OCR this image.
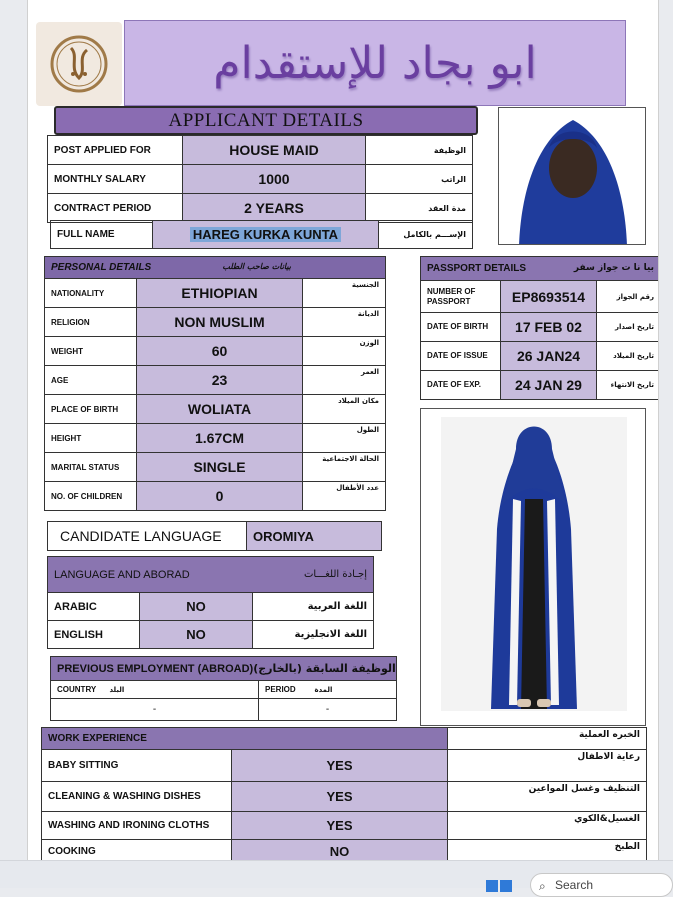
ابو بجاد للإستقدام
APPLICANT DETAILS
POST APPLIED FOR	HOUSE MAID	الوظيفة
MONTHLY SALARY	1000	الراتب
CONTRACT PERIOD	2 YEARS	مدة العقد
FULL NAME	HAREG KURKA KUNTA	الإســـم بالكامل
PERSONAL DETAILS	بيانات صاحب الطلب
NATIONALITY	ETHIOPIAN	الجنسية
RELIGION	NON MUSLIM	الديانة
WEIGHT	60	الوزن
AGE	23	العمر
PLACE OF BIRTH	WOLIATA	مكان الميلاد
HEIGHT	1.67CM	الطول
MARITAL STATUS	SINGLE	الحالة الاجتماعية
NO. OF CHILDREN	0	عدد الأطفال
PASSPORT DETAILS بيا نا ت جواز سفر		

NUMBER OF PASSPORT	EP8693514	رقم الجواز
DATE OF BIRTH	17 FEB 02	تاريخ اصدار
DATE OF ISSUE	26 JAN24	تاريخ الميلاد
DATE OF EXP.	24 JAN 29	تاريخ الانتهاء
CANDIDATE LANGUAGE	OROMIYA
LANGUAGE AND ABORAD إجـادة اللغـــات		

ARABIC	NO	اللغة العربية
ENGLISH	NO	اللغة الانجليزية
PREVIOUS EMPLOYMENT (ABROAD)(الوظيفة السابقة (بالخارج			
COUNTRY	البلد	PERIOD	المدة
-		-	
WORK EXPERIENCE		الخبره العملية
BABY SITTING	YES	رعاية الاطفال
CLEANING & WASHING DISHES	YES	التنظيف وغسل المواعين
WASHING AND IRONING CLOTHS	YES	الغسيل&الكوي
COOKING	NO	الطبخ
⌕ Search
